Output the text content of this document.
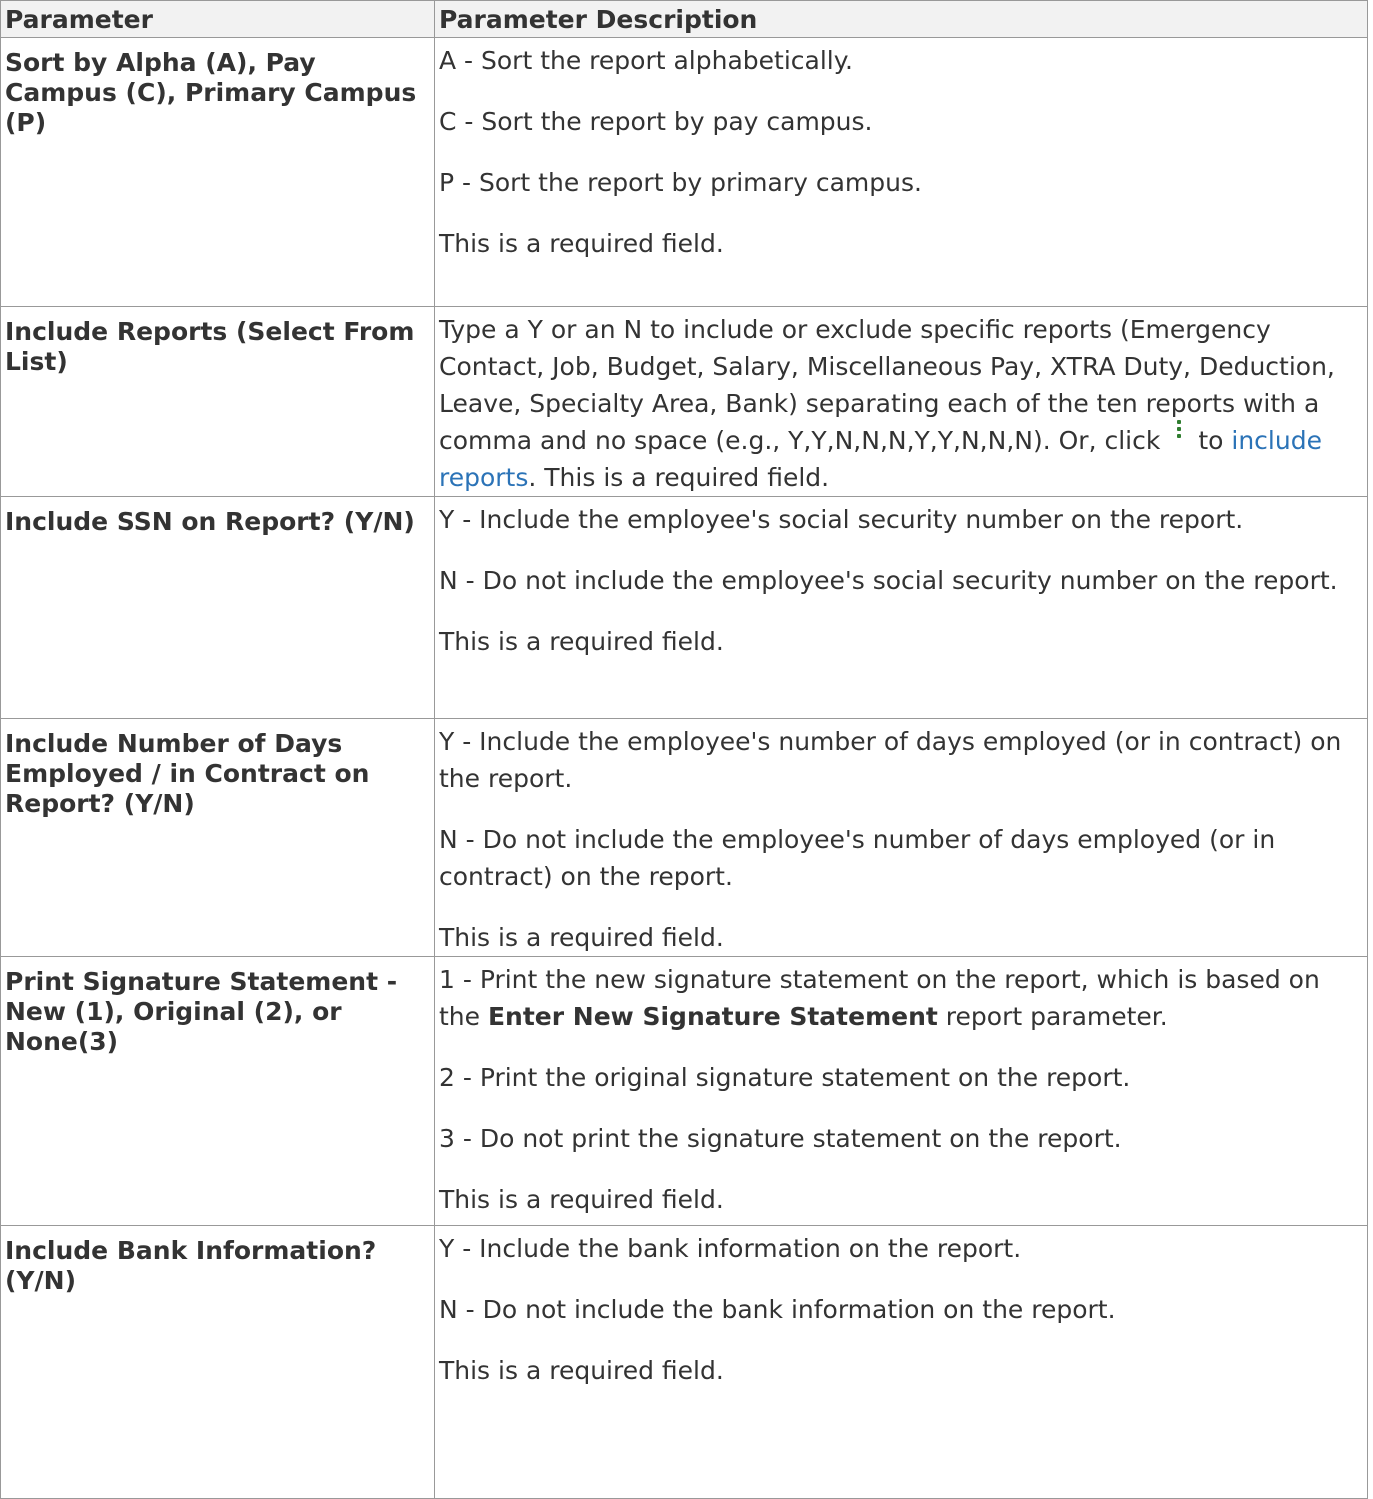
Parameter	Parameter Description
Sort by Alpha (A), Pay Campus (C), Primary Campus (P)	A - Sort the report alphabetically.

C - Sort the report by pay campus.

P - Sort the report by primary campus.

This is a required field.

Include Reports (Select From List)	Type a Y or an N to include or exclude specific reports (Emergency Contact, Job, Budget, Salary, Miscellaneous Pay, XTRA Duty, Deduction, Leave, Specialty Area, Bank) separating each of the ten reports with a comma and no space (e.g., Y,Y,N,N,N,Y,Y,N,N,N). Or, click to include reports. This is a required field.

Include SSN on Report? (Y/N)	Y - Include the employee's social security number on the report.

N - Do not include the employee's social security number on the report.

This is a required field.

Include Number of Days Employed / in Contract on Report? (Y/N)	Y - Include the employee's number of days employed (or in contract) on the report.

N - Do not include the employee's number of days employed (or in contract) on the report.

This is a required field.

Print Signature Statement - New (1), Original (2), or None(3)	1 - Print the new signature statement on the report, which is based on the Enter New Signature Statement report parameter.

2 - Print the original signature statement on the report.

3 - Do not print the signature statement on the report.

This is a required field.

Include Bank Information? (Y/N)	Y - Include the bank information on the report.

N - Do not include the bank information on the report.

This is a required field.
